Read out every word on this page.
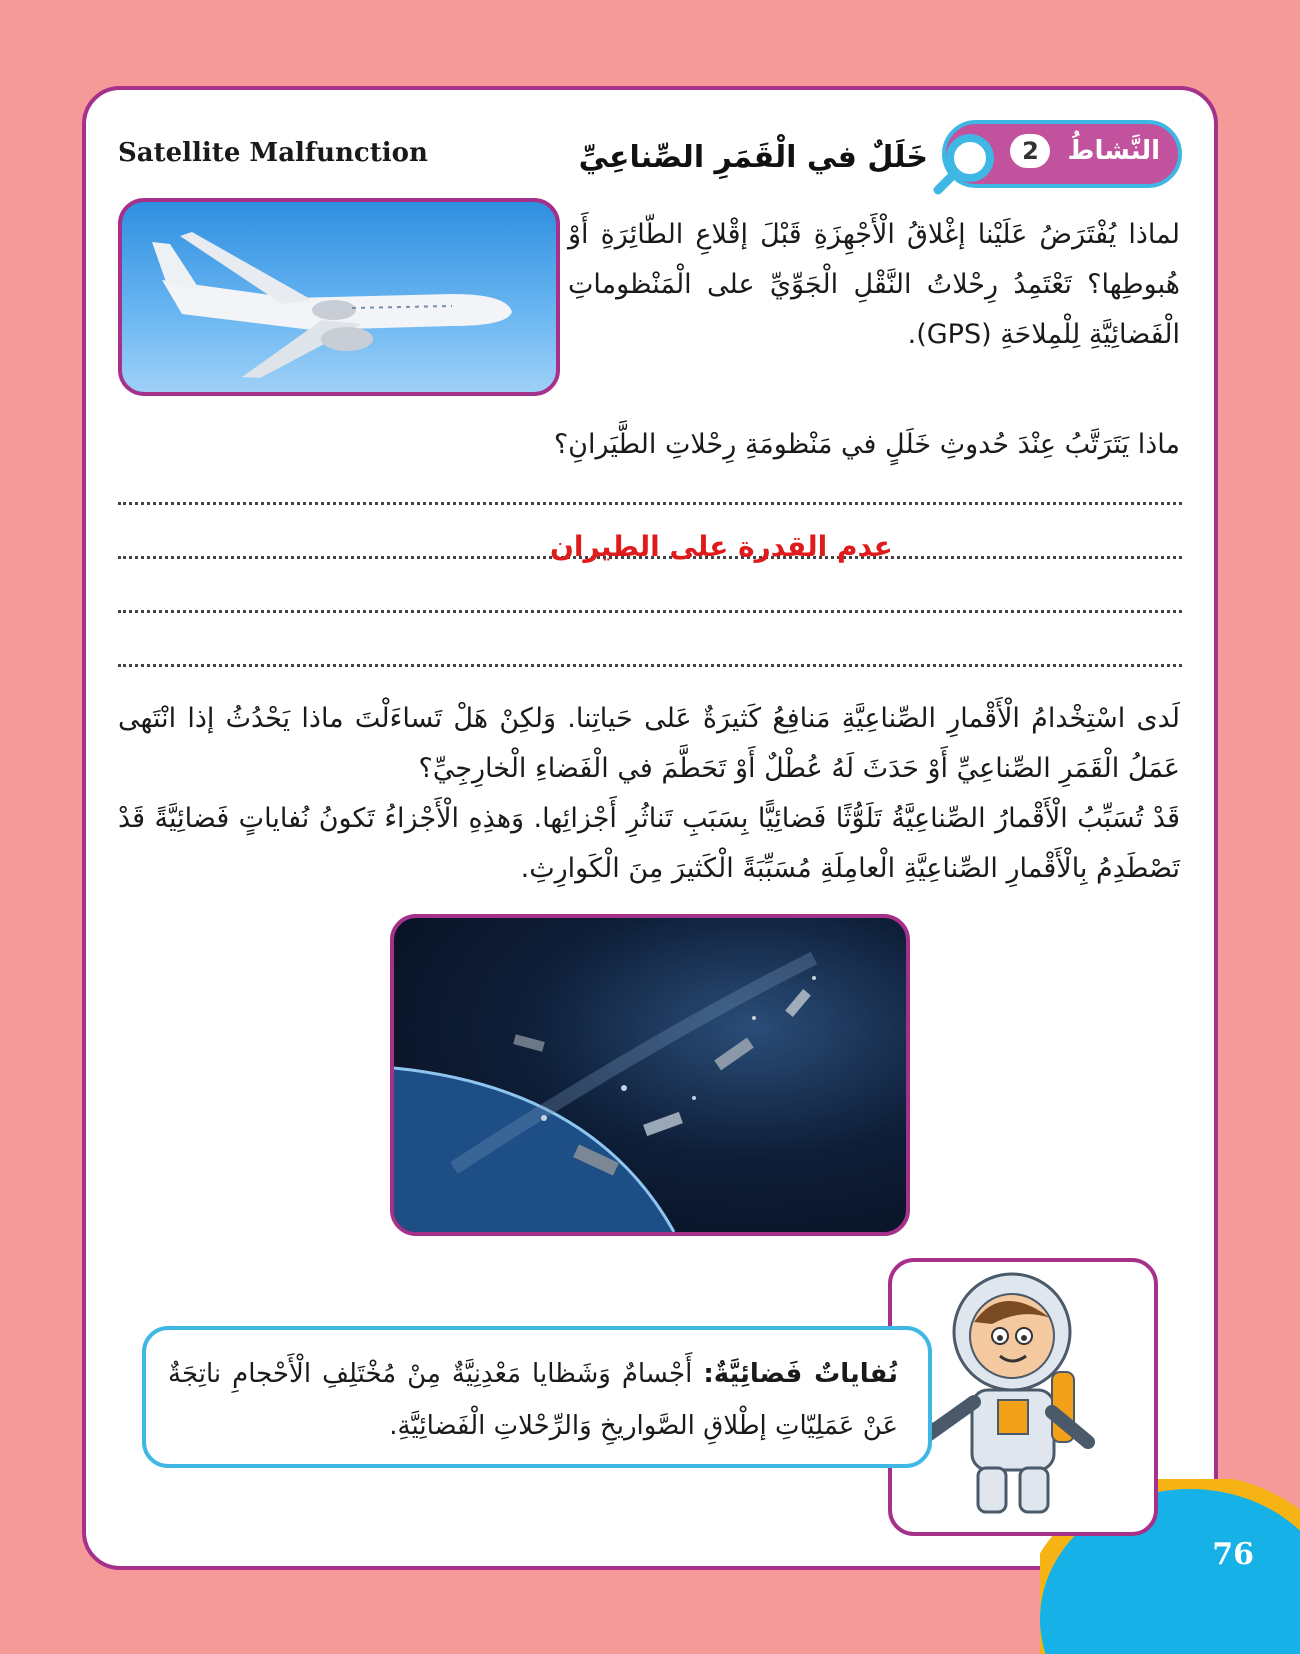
76
Satellite Malfunction	النَّشاطُ 2
خَلَلٌ في الْقَمَرِ الصِّناعِيِّ
لماذا يُفْتَرَضُ عَلَيْنا إغْلاقُ الْأَجْهِزَةِ قَبْلَ إقْلاعِ الطّائِرَةِ أَوْ هُبوطِها؟ تَعْتَمِدُ رِحْلاتُ النَّقْلِ الْجَوِّيِّ على الْمَنْظوماتِ الْفَضائِيَّةِ لِلْمِلاحَةِ (GPS).
ماذا يَتَرَتَّبُ عِنْدَ حُدوثِ خَلَلٍ في مَنْظومَةِ رِحْلاتِ الطَّيَرانِ؟
عدم القدرة على الطيران
لَدى اسْتِخْدامُ الْأَقْمارِ الصِّناعِيَّةِ مَنافِعُ كَثيرَةٌ عَلى حَياتِنا. وَلكِنْ هَلْ تَساءَلْتَ ماذا يَحْدُثُ إذا انْتَهى عَمَلُ الْقَمَرِ الصِّناعِيِّ أَوْ حَدَثَ لَهُ عُطْلٌ أَوْ تَحَطَّمَ في الْفَضاءِ الْخارِجِيِّ؟
قَدْ تُسَبِّبُ الْأَقْمارُ الصِّناعِيَّةُ تَلَوُّثًا فَضائِيًّا بِسَبَبِ تَناثُرِ أَجْزائِها. وَهذِهِ الْأَجْزاءُ تَكونُ نُفاياتٍ فَضائِيَّةً قَدْ تَصْطَدِمُ بِالْأَقْمارِ الصِّناعِيَّةِ الْعامِلَةِ مُسَبِّبَةً الْكَثيرَ مِنَ الْكَوارِثِ.
نُفاياتٌ فَضائِيَّةٌ: أَجْسامٌ وَشَظايا مَعْدِنِيَّةٌ مِنْ مُخْتَلِفِ الْأَحْجامِ ناتِجَةٌ عَنْ عَمَلِيّاتِ إطْلاقِ الصَّواريخِ وَالرِّحْلاتِ الْفَضائِيَّةِ.
